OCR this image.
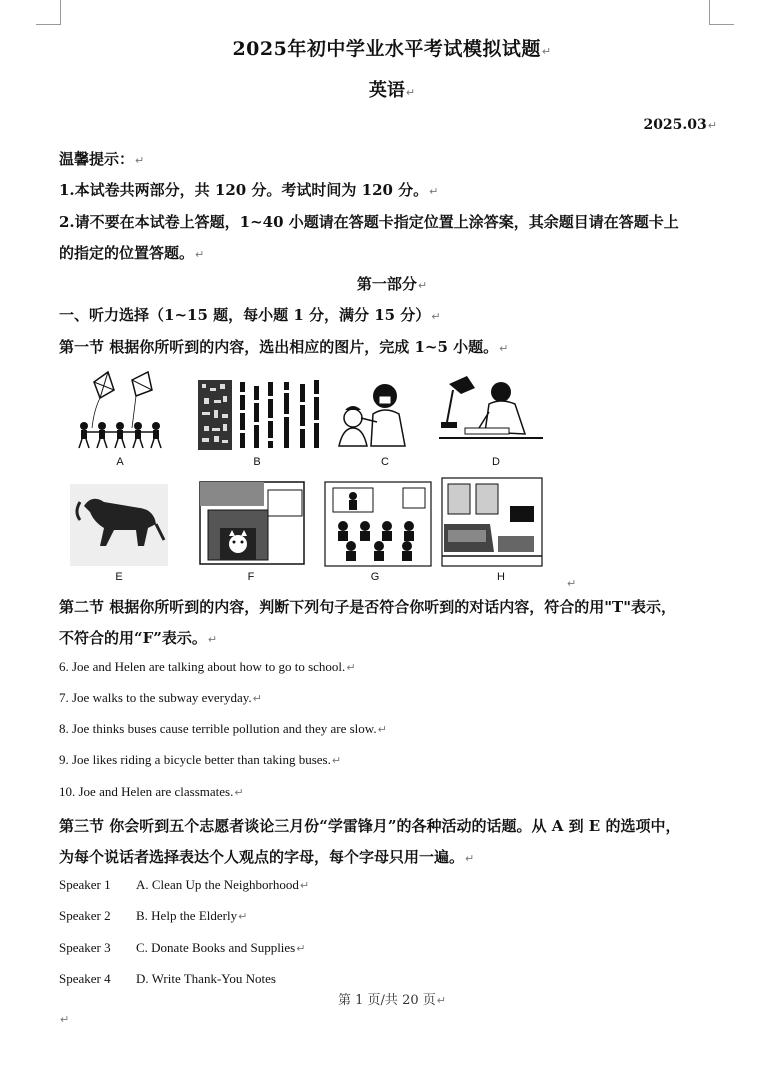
2025年初中学业水平考试模拟试题↵
英语↵
2025.03↵
温馨提示：↵
1.本试卷共两部分，共 120 分。考试时间为 120 分。↵
2.请不要在本试卷上答题，1~40 小题请在答题卡指定位置上涂答案，其余题目请在答题卡上
的指定的位置答题。↵
第一部分↵
一、听力选择（1~15 题，每小题 1 分，满分 15 分）↵
第一节 根据你所听到的内容，选出相应的图片，完成 1~5 小题。↵
A	B	C	D
E	F	G	H	↵
第二节 根据你所听到的内容，判断下列句子是否符合你听到的对话内容，符合的用"T"表示，
不符合的用“F”表示。↵
6. Joe and Helen are talking about how to go to school.↵
7. Joe walks to the subway everyday.↵
8. Joe thinks buses cause terrible pollution and they are slow.↵
9. Joe likes riding a bicycle better than taking buses.↵
10. Joe and Helen are classmates.↵
第三节 你会听到五个志愿者谈论三月份“学雷锋月”的各种活动的话题。从 A 到 E 的选项中，
为每个说话者选择表达个人观点的字母，每个字母只用一遍。↵
Speaker 1 A. Clean Up the Neighborhood↵
Speaker 2 B. Help the Elderly↵
Speaker 3 C. Donate Books and Supplies↵
Speaker 4 D. Write Thank-You Notes
第 1 页/共 20 页↵
↵
